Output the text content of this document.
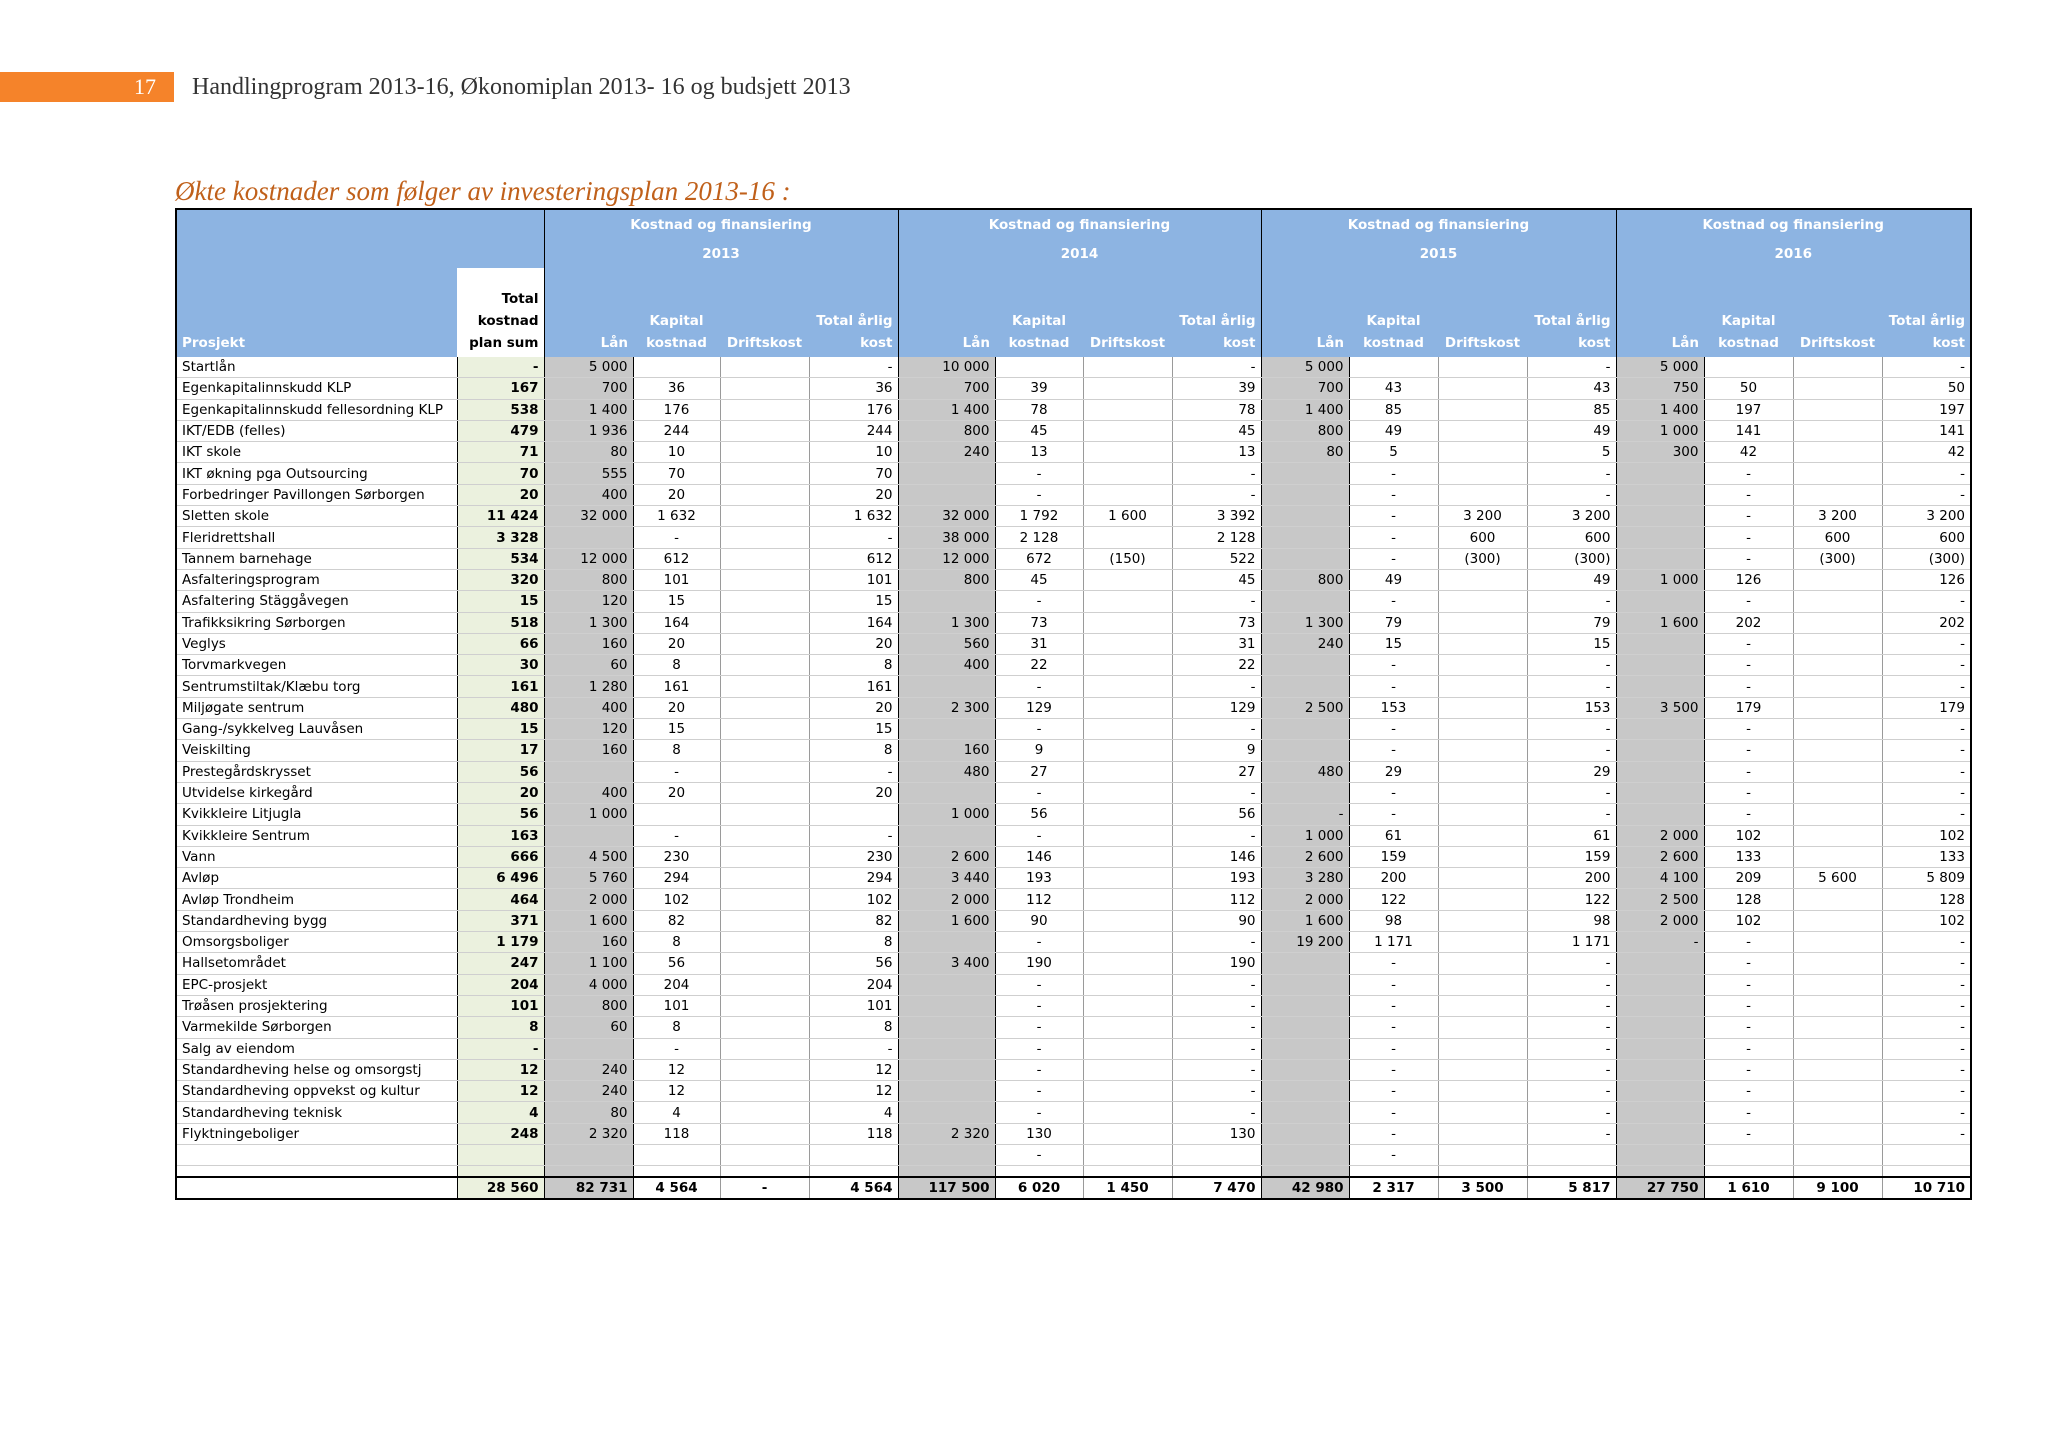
17	Handlingprogram 2013-16, Økonomiplan 2013- 16 og budsjett 2013
Økte kostnader som følger av investeringsplan 2013-16 :
		Kostnad og finansiering				Kostnad og finansiering				Kostnad og finansiering				Kostnad og finansiering			
		2013				2014				2015				2016			
Prosjekt	Total kostnad plan sum	Lån	Kapital kostnad	Driftskost	Total årlig kost	Lån	Kapital kostnad	Driftskost	Total årlig kost	Lån	Kapital kostnad	Driftskost	Total årlig kost	Lån	Kapital kostnad	Driftskost	Total årlig kost
Startlån	-	5 000			-	10 000			-	5 000			-	5 000			-
Egenkapitalinnskudd KLP	167	700	36		36	700	39		39	700	43		43	750	50		50
Egenkapitalinnskudd fellesordning KLP	538	1 400	176		176	1 400	78		78	1 400	85		85	1 400	197		197
IKT/EDB (felles)	479	1 936	244		244	800	45		45	800	49		49	1 000	141		141
IKT skole	71	80	10		10	240	13		13	80	5		5	300	42		42
IKT økning pga Outsourcing	70	555	70		70		-		-		-		-		-		-
Forbedringer Pavillongen Sørborgen	20	400	20		20		-		-		-		-		-		-
Sletten skole	11 424	32 000	1 632		1 632	32 000	1 792	1 600	3 392		-	3 200	3 200		-	3 200	3 200
Fleridrettshall	3 328		-		-	38 000	2 128		2 128		-	600	600		-	600	600
Tannem barnehage	534	12 000	612		612	12 000	672	(150)	522		-	(300)	(300)		-	(300)	(300)
Asfalteringsprogram	320	800	101		101	800	45		45	800	49		49	1 000	126		126
Asfaltering Stäggåvegen	15	120	15		15		-		-		-		-		-		-
Trafikksikring Sørborgen	518	1 300	164		164	1 300	73		73	1 300	79		79	1 600	202		202
Veglys	66	160	20		20	560	31		31	240	15		15		-		-
Torvmarkvegen	30	60	8		8	400	22		22		-		-		-		-
Sentrumstiltak/Klæbu torg	161	1 280	161		161		-		-		-		-		-		-
Miljøgate sentrum	480	400	20		20	2 300	129		129	2 500	153		153	3 500	179		179
Gang-/sykkelveg Lauvåsen	15	120	15		15		-		-		-		-		-		-
Veiskilting	17	160	8		8	160	9		9		-		-		-		-
Prestegårdskrysset	56		-		-	480	27		27	480	29		29		-		-
Utvidelse kirkegård	20	400	20		20		-		-		-		-		-		-
Kvikkleire Litjugla	56	1 000				1 000	56		56	-	-		-		-		-
Kvikkleire Sentrum	163		-		-		-		-	1 000	61		61	2 000	102		102
Vann	666	4 500	230		230	2 600	146		146	2 600	159		159	2 600	133		133
Avløp	6 496	5 760	294		294	3 440	193		193	3 280	200		200	4 100	209	5 600	5 809
Avløp Trondheim	464	2 000	102		102	2 000	112		112	2 000	122		122	2 500	128		128
Standardheving bygg	371	1 600	82		82	1 600	90		90	1 600	98		98	2 000	102		102
Omsorgsboliger	1 179	160	8		8		-		-	19 200	1 171		1 171	-	-		-
Hallsetområdet	247	1 100	56		56	3 400	190		190		-		-		-		-
EPC-prosjekt	204	4 000	204		204		-		-		-		-		-		-
Trøåsen prosjektering	101	800	101		101		-		-		-		-		-		-
Varmekilde Sørborgen	8	60	8		8		-		-		-		-		-		-
Salg av eiendom	-		-		-		-		-		-		-		-		-
Standardheving helse og omsorgstj	12	240	12		12		-		-		-		-		-		-
Standardheving oppvekst og kultur	12	240	12		12		-		-		-		-		-		-
Standardheving teknisk	4	80	4		4		-		-		-		-		-		-
Flyktningeboliger	248	2 320	118		118	2 320	130		130		-		-		-		-
							-				-						

	28 560	82 731	4 564	-	4 564	117 500	6 020	1 450	7 470	42 980	2 317	3 500	5 817	27 750	1 610	9 100	10 710
